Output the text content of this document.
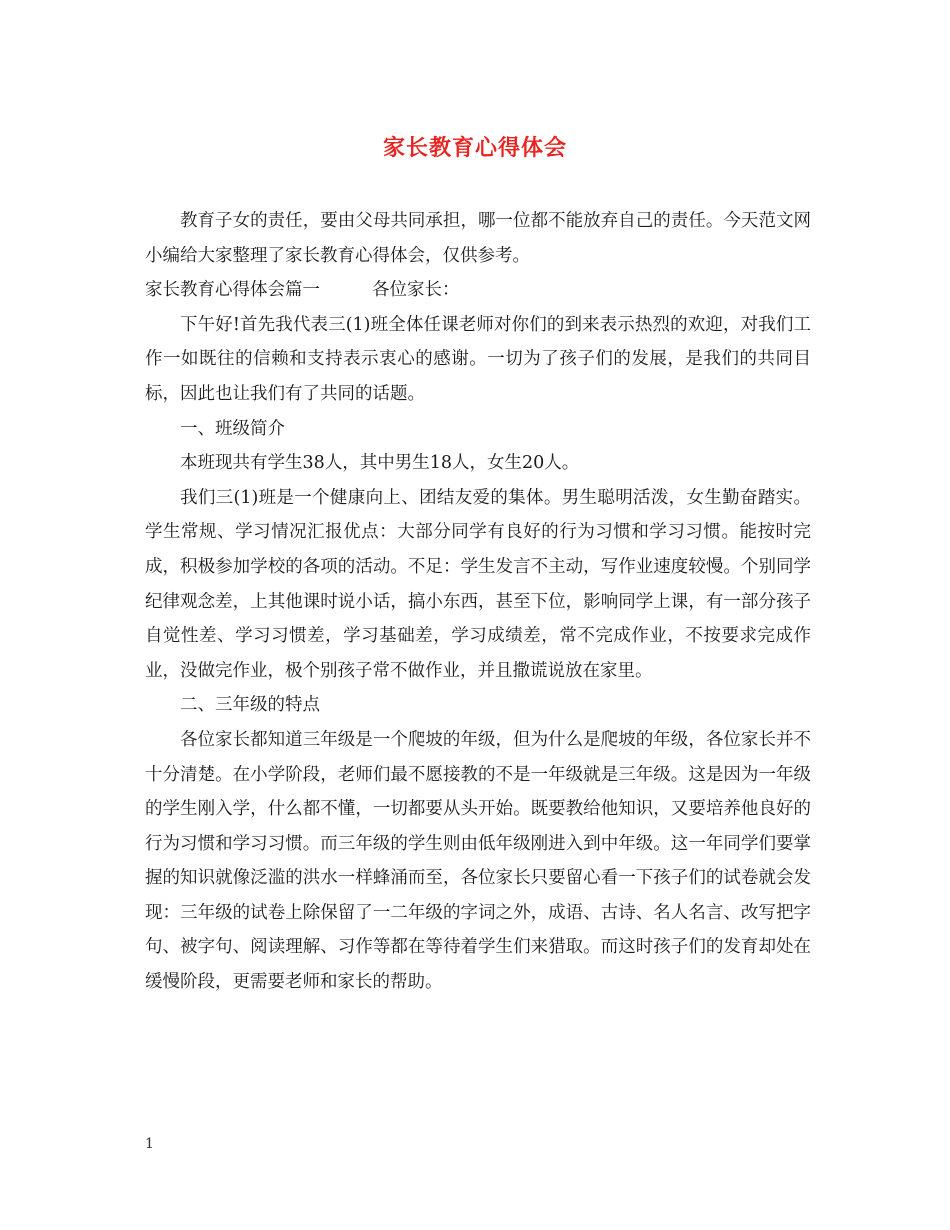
家长教育心得体会

教育子女的责任，要由父母共同承担，哪一位都不能放弃自己的责任。今天范文网小编给大家整理了家长教育心得体会，仅供参考。

家长教育心得体会篇一	各位家长：

下午好!首先我代表三(1)班全体任课老师对你们的到来表示热烈的欢迎，对我们工作一如既往的信赖和支持表示衷心的感谢。一切为了孩子们的发展，是我们的共同目标，因此也让我们有了共同的话题。

一、班级简介

本班现共有学生38人，其中男生18人，女生20人。

我们三(1)班是一个健康向上、团结友爱的集体。男生聪明活泼，女生勤奋踏实。学生常规、学习情况汇报优点：大部分同学有良好的行为习惯和学习习惯。能按时完成，积极参加学校的各项的活动。不足：学生发言不主动，写作业速度较慢。个别同学纪律观念差，上其他课时说小话，搞小东西，甚至下位，影响同学上课，有一部分孩子自觉性差、学习习惯差，学习基础差，学习成绩差，常不完成作业，不按要求完成作业，没做完作业，极个别孩子常不做作业，并且撒谎说放在家里。

二、三年级的特点

各位家长都知道三年级是一个爬坡的年级，但为什么是爬坡的年级，各位家长并不十分清楚。在小学阶段，老师们最不愿接教的不是一年级就是三年级。这是因为一年级的学生刚入学，什么都不懂，一切都要从头开始。既要教给他知识，又要培养他良好的行为习惯和学习习惯。而三年级的学生则由低年级刚进入到中年级。这一年同学们要掌握的知识就像泛滥的洪水一样蜂涌而至，各位家长只要留心看一下孩子们的试卷就会发现：三年级的试卷上除保留了一二年级的字词之外，成语、古诗、名人名言、改写把字句、被字句、阅读理解、习作等都在等待着学生们来猎取。而这时孩子们的发育却处在缓慢阶段，更需要老师和家长的帮助。

1
